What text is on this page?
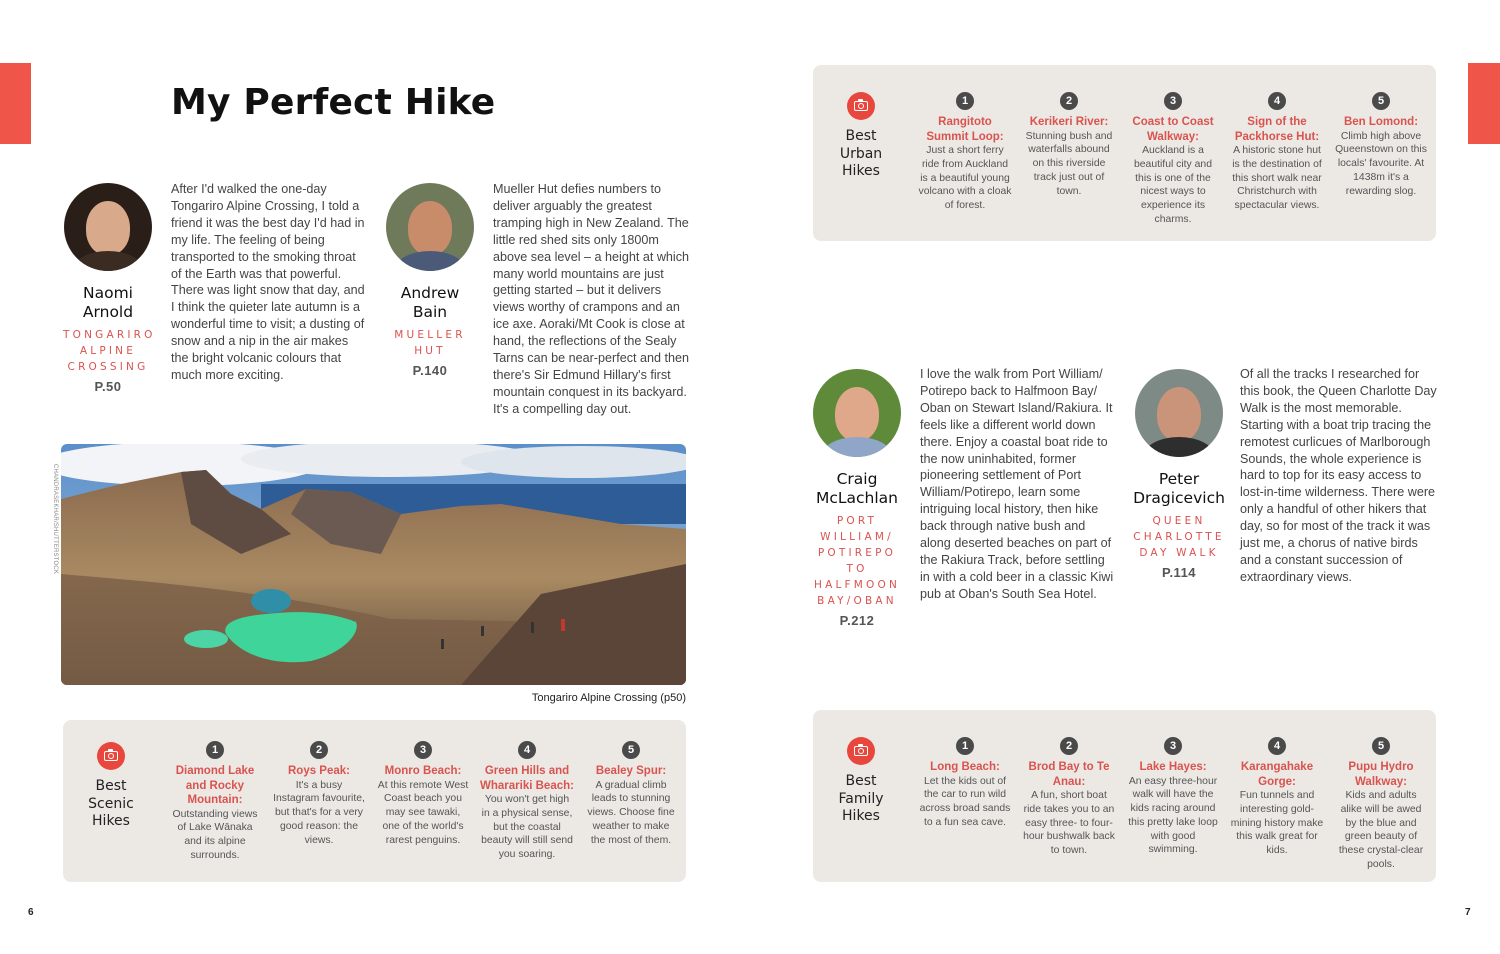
My Perfect Hike
Naomi
Arnold
TONGARIRO
ALPINE
CROSSING
P.50

After I'd walked the one-day Tongariro Alpine Crossing, I told a friend it was the best day I'd had in my life. The feeling of being transported to the smoking throat of the Earth was that powerful. There was light snow that day, and I think the quieter late autumn is a wonderful time to visit; a dusting of snow and a nip in the air makes the bright volcanic colours that much more exciting.

Andrew
Bain
MUELLER
HUT
P.140

Mueller Hut defies numbers to deliver arguably the greatest tramping high in New Zealand. The little red shed sits only 1800m above sea level – a height at which many world mountains are just getting started – but it delivers views worthy of crampons and an ice axe. Aoraki/Mt Cook is close at hand, the reflections of the Sealy Tarns can be near-perfect and then there's Sir Edmund Hillary's first mountain conquest in its backyard. It's a compelling day out.

CHANDRASEKHAR/SHUTTERSTOCK
Tongariro Alpine Crossing (p50)
Best
Scenic
Hikes
1
Diamond Lake and Rocky Mountain:
Outstanding views of Lake Wānaka and its alpine surrounds.
2
Roys Peak:
It's a busy Instagram favourite, but that's for a very good reason: the views.
3
Monro Beach:
At this remote West Coast beach you may see tawaki, one of the world's rarest penguins.
4
Green Hills and Wharariki Beach:
You won't get high in a physical sense, but the coastal beauty will still send you soaring.
5
Bealey Spur:
A gradual climb leads to stunning views. Choose fine weather to make the most of them.
Best
Urban
Hikes
1
Rangitoto Summit Loop:
Just a short ferry ride from Auckland is a beautiful young volcano with a cloak of forest.
2
Kerikeri River:
Stunning bush and waterfalls abound on this riverside track just out of town.
3
Coast to Coast Walkway:
Auckland is a beautiful city and this is one of the nicest ways to experience its charms.
4
Sign of the Packhorse Hut:
A historic stone hut is the destination of this short walk near Christchurch with spectacular views.
5
Ben Lomond:
Climb high above Queenstown on this locals' favourite. At 1438m it's a rewarding slog.
Craig
McLachlan
PORT
WILLIAM/
POTIREPO
TO
HALFMOON
BAY/OBAN
P.212

I love the walk from Port William/ Potirepo back to Halfmoon Bay/ Oban on Stewart Island/Rakiura. It feels like a different world down there. Enjoy a coastal boat ride to the now uninhabited, former pioneering settlement of Port William/Potirepo, learn some intriguing local history, then hike back through native bush and along deserted beaches on part of the Rakiura Track, before settling in with a cold beer in a classic Kiwi pub at Oban's South Sea Hotel.

Peter
Dragicevich
QUEEN
CHARLOTTE
DAY WALK
P.114

Of all the tracks I researched for this book, the Queen Charlotte Day Walk is the most memorable. Starting with a boat trip tracing the remotest curlicues of Marlborough Sounds, the whole experience is hard to top for its easy access to lost-in-time wilderness. There were only a handful of other hikers that day, so for most of the track it was just me, a chorus of native birds and a constant succession of extraordinary views.

Best
Family
Hikes
1
Long Beach:
Let the kids out of the car to run wild across broad sands to a fun sea cave.
2
Brod Bay to Te Anau:
A fun, short boat ride takes you to an easy three- to four-hour bushwalk back to town.
3
Lake Hayes:
An easy three-hour walk will have the kids racing around this pretty lake loop with good swimming.
4
Karangahake Gorge:
Fun tunnels and interesting gold-mining history make this walk great for kids.
5
Pupu Hydro Walkway:
Kids and adults alike will be awed by the blue and green beauty of these crystal-clear pools.
6	7
